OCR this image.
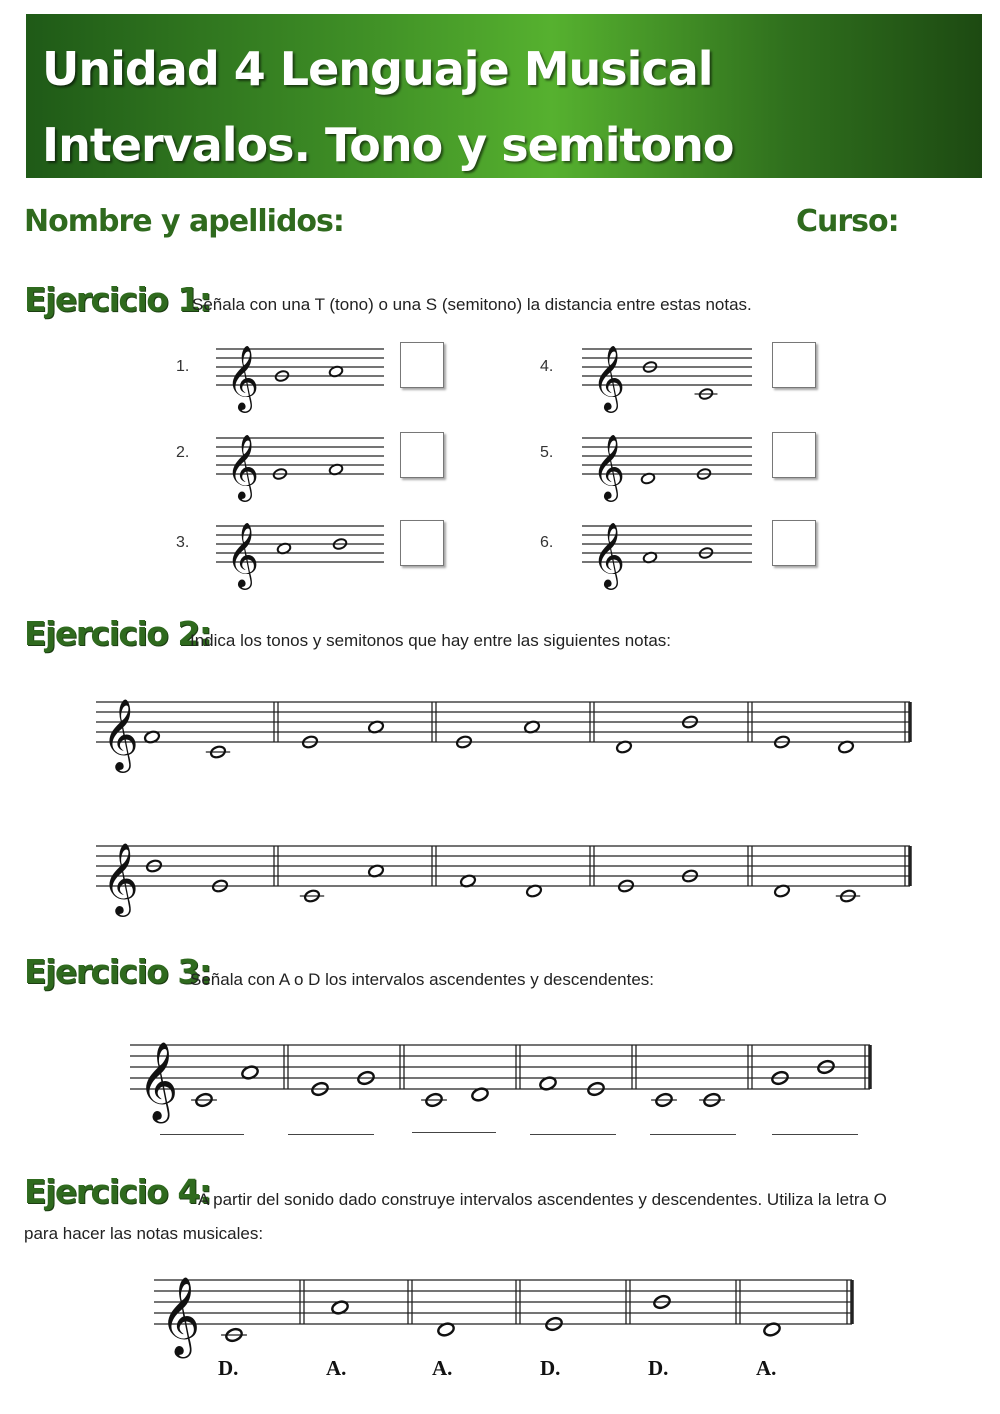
Unidad 4 Lenguaje Musical
Intervalos. Tono y semitono
Nombre y apellidos:	Curso:
Ejercicio 1:
Señala con una T (tono) o una S (semitono) la distancia entre estas notas.
1.
2.
3.
4.
5.
6.
Ejercicio 2:
Indica los tonos y semitonos que hay entre las siguientes notas:
Ejercicio 3:
Señala con A o D los intervalos ascendentes y descendentes:
Ejercicio 4:
A partir del sonido dado construye intervalos ascendentes y descendentes. Utiliza la letra O
para hacer las notas musicales:
D.	A.	A.	D.	D.	A.
𝄞
𝄞
𝄞
𝄞
𝄞
𝄞
𝄞
𝄞
𝄞
𝄞
